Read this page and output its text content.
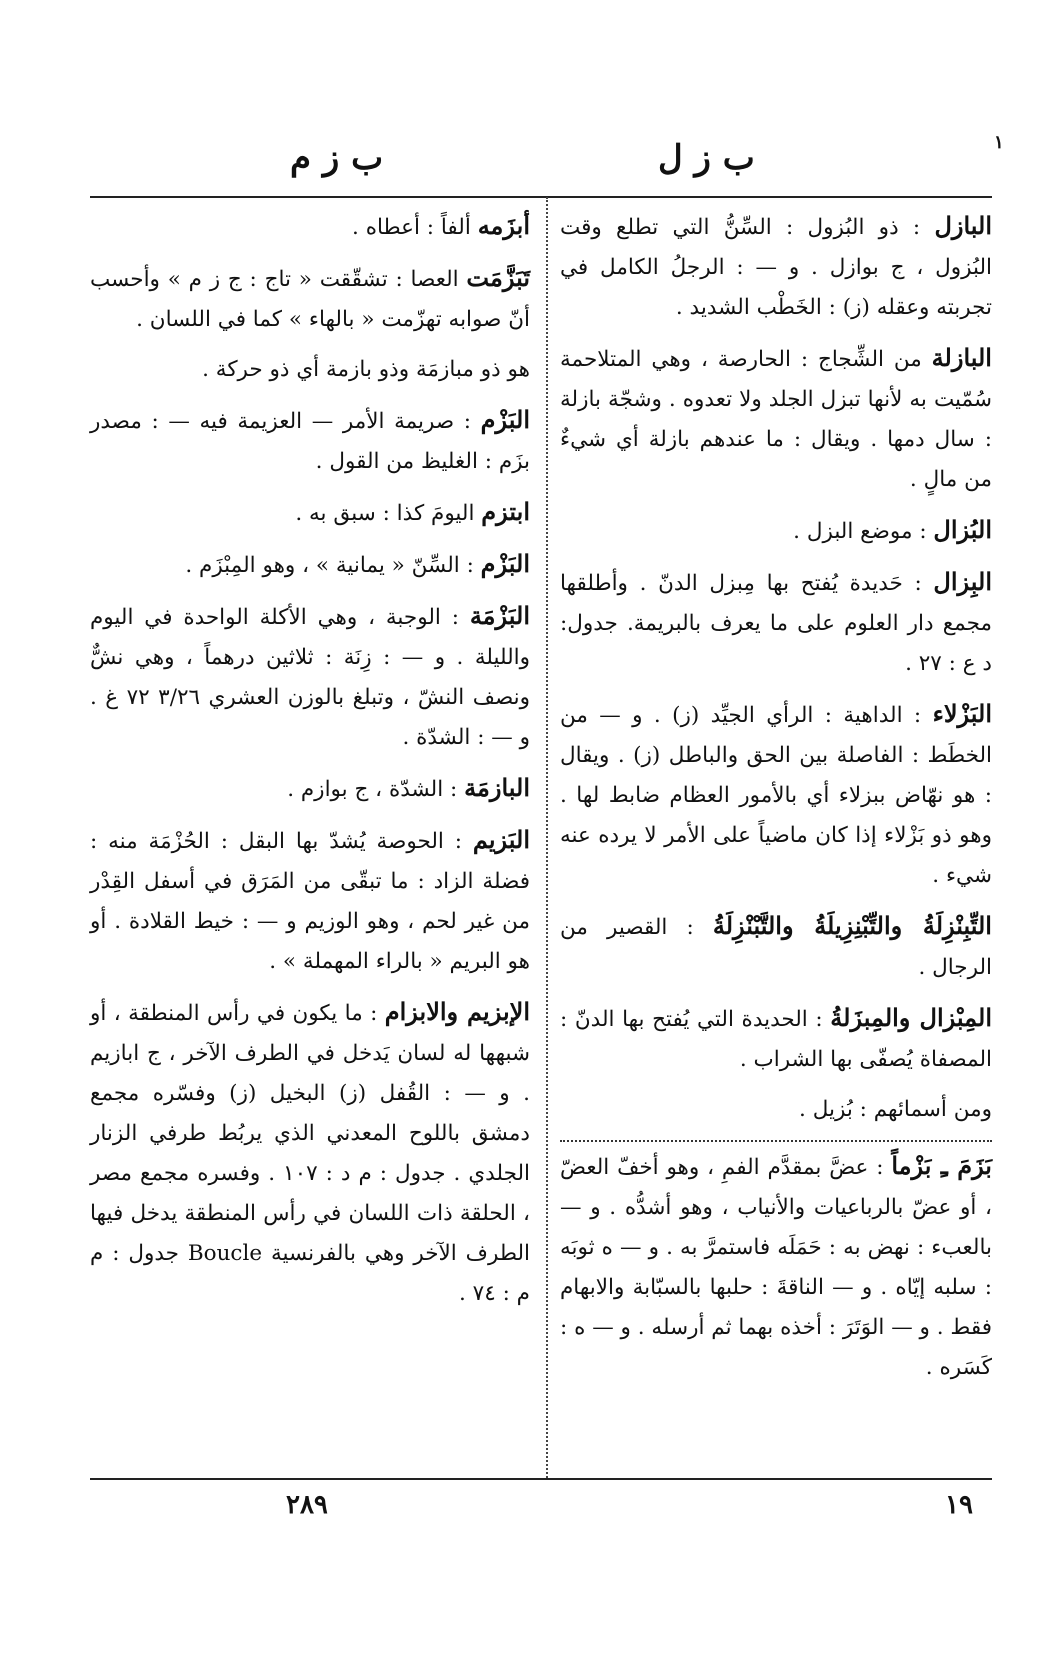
ب ز ل
ب ز م	١

البازل : ذو البُزول : السِّنُّ التي تطلع وقت البُزول ، ج بوازل . و — : الرجلُ الكامل في تجربته وعقله (ز) : الخَطْب الشديد .

البازلة من الشِّجاج : الحارصة ، وهي المتلاحمة سُمّيت به لأنها تبزل الجلد ولا تعدوه . وشجّة بازلة : سال دمها . ويقال : ما عندهم بازلة أي شيءٌ من مالٍ .

البُزال : موضع البزل .

البِزال : حَديدة يُفتح بها مِبزل الدنّ . وأطلقها مجمع دار العلوم على ما يعرف بالبريمة. جدول: د ع : ٢٧ .

البَزْلاء : الداهية : الرأي الجيِّد (ز) . و — من الخطَط : الفاصلة بين الحق والباطل (ز) . ويقال : هو نهّاض ببزلاء أي بالأمور العظام ضابط لها . وهو ذو بَزْلاء إذا كان ماضياً على الأمر لا يرده عنه شيء .

التِّبِنْزِلَةُ والتِّبْنِزِيلَةُ والتَّبْنْزِلَةُ : القصير من الرجال .

المِبْزال والمِبزَلةُ : الحديدة التي يُفتح بها الدنّ : المصفاة يُصفّى بها الشراب .

ومن أسمائهم : بُزيل .

بَزَمَ ـِ بَزْماً : عضَّ بمقدَّم الفمِ ، وهو أخفّ العضّ ، أو عضّ بالرباعيات والأنياب ، وهو أشدُّه . و — بالعبء : نهض به : حَمَلَه فاستمرَّ به . و — ه ثوبَه : سلبه إيّاه . و — الناقةَ : حلبها بالسبّابة والابهام فقط . و — الوَتَرَ : أخذه بهما ثم أرسله . و — ه : كَسَره .

أبزَمه ألفاً : أعطاه .

تَبَزَّمَت العصا : تشقّقت « تاج : ج ز م » وأحسب أنّ صوابه تهزّمت « بالهاء » كما في اللسان .

هو ذو مبازمَة وذو بازمة أي ذو حركة .

البَزْم : صريمة الأمر — العزيمة فيه — : مصدر بزَم : الغليظ من القول .

ابتزم اليومَ كذا : سبق به .

البَزْم : السِّنّ « يمانية » ، وهو المِبْزَم .

البَزْمَة : الوجبة ، وهي الأكلة الواحدة في اليوم والليلة . و — : زِنَة : ثلاثين درهماً ، وهي نشٌّ ونصف النشّ ، وتبلغ بالوزن العشري ٣/٢٦ ٧٢ غ . و — : الشدّة .

البازمَة : الشدّة ، ج بوازم .

البَزيم : الحوصة يُشدّ بها البقل : الحُزْمَة منه : فضلة الزاد : ما تبقّى من المَرَق في أسفل القِدْر من غير لحم ، وهو الوزيم و — : خيط القلادة . أو هو البريم « بالراء المهملة » .

الإبزيم والابزام : ما يكون في رأس المنطقة ، أو شبهها له لسان يَدخل في الطرف الآخر ، ج ابازيم . و — : القُفل (ز) البخيل (ز) وفسّره مجمع دمشق باللوح المعدني الذي يربُط طرفي الزنار الجلدي . جدول : م د : ١٠٧ . وفسره مجمع مصر ، الحلقة ذات اللسان في رأس المنطقة يدخل فيها الطرف الآخر وهي بالفرنسية Boucle جدول : م م : ٧٤ .

٢٨٩	١٩
